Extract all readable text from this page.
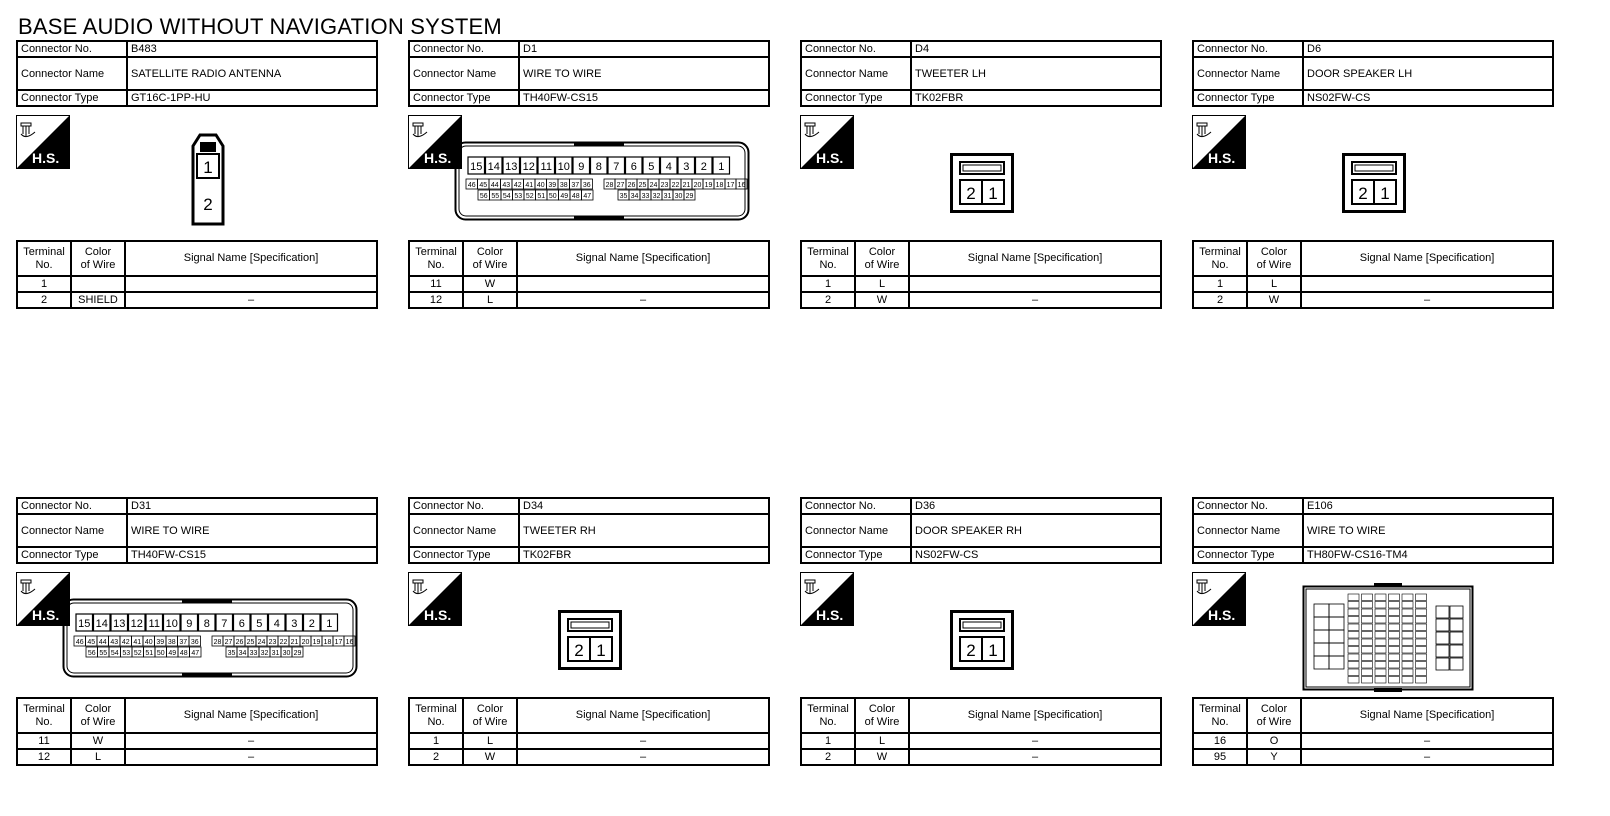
BASE AUDIO WITHOUT NAVIGATION SYSTEM
Connector No.	B483
Connector Name	SATELLITE RADIO ANTENNA
Connector Type	GT16C-1PP-HU
H.S.	1
2
Terminal
No.	Color
of Wire	Signal Name [Specification]
1		
2	SHIELD	–
Connector No.	D1
Connector Name	WIRE TO WIRE
Connector Type	TH40FW-CS15
H.S.
15 14 13 12 11 10 9 8 7 6 5 4 3 2 1
46 45 44 43 42 41 40 39 38 37 36 28 27 26 25 24 23 22 21 20 19 18 17 16
56 55 54 53 52 51 50 49 48 47	35 34 33 32 31 30 29
Terminal
No.	Color
of Wire	Signal Name [Specification]
11	W	
12	L	–
Connector No.	D4
Connector Name	TWEETER LH
Connector Type	TK02FBR
H.S.
2 1
Terminal
No.	Color
of Wire	Signal Name [Specification]
1	L	
2	W	–
Connector No.	D6
Connector Name	DOOR SPEAKER LH
Connector Type	NS02FW-CS
H.S.
2 1
Terminal
No.	Color
of Wire	Signal Name [Specification]
1	L	
2	W	–
Connector No.	D31
Connector Name	WIRE TO WIRE
Connector Type	TH40FW-CS15
H.S.
15 14 13 12 11 10 9 8 7 6 5 4 3 2 1
46 45 44 43 42 41 40 39 38 37 36 28 27 26 25 24 23 22 21 20 19 18 17 16
56 55 54 53 52 51 50 49 48 47	35 34 33 32 31 30 29
Terminal
No.	Color
of Wire	Signal Name [Specification]
11	W	–
12	L	–
Connector No.	D34
Connector Name	TWEETER RH
Connector Type	TK02FBR
H.S.
2 1
Terminal
No.	Color
of Wire	Signal Name [Specification]
1	L	–
2	W	–
Connector No.	D36
Connector Name	DOOR SPEAKER RH
Connector Type	NS02FW-CS
H.S.
2 1
Terminal
No.	Color
of Wire	Signal Name [Specification]
1	L	–
2	W	–
Connector No.	E106
Connector Name	WIRE TO WIRE
Connector Type	TH80FW-CS16-TM4
H.S.
Terminal
No.	Color
of Wire	Signal Name [Specification]
16	O	–
95	Y	–
